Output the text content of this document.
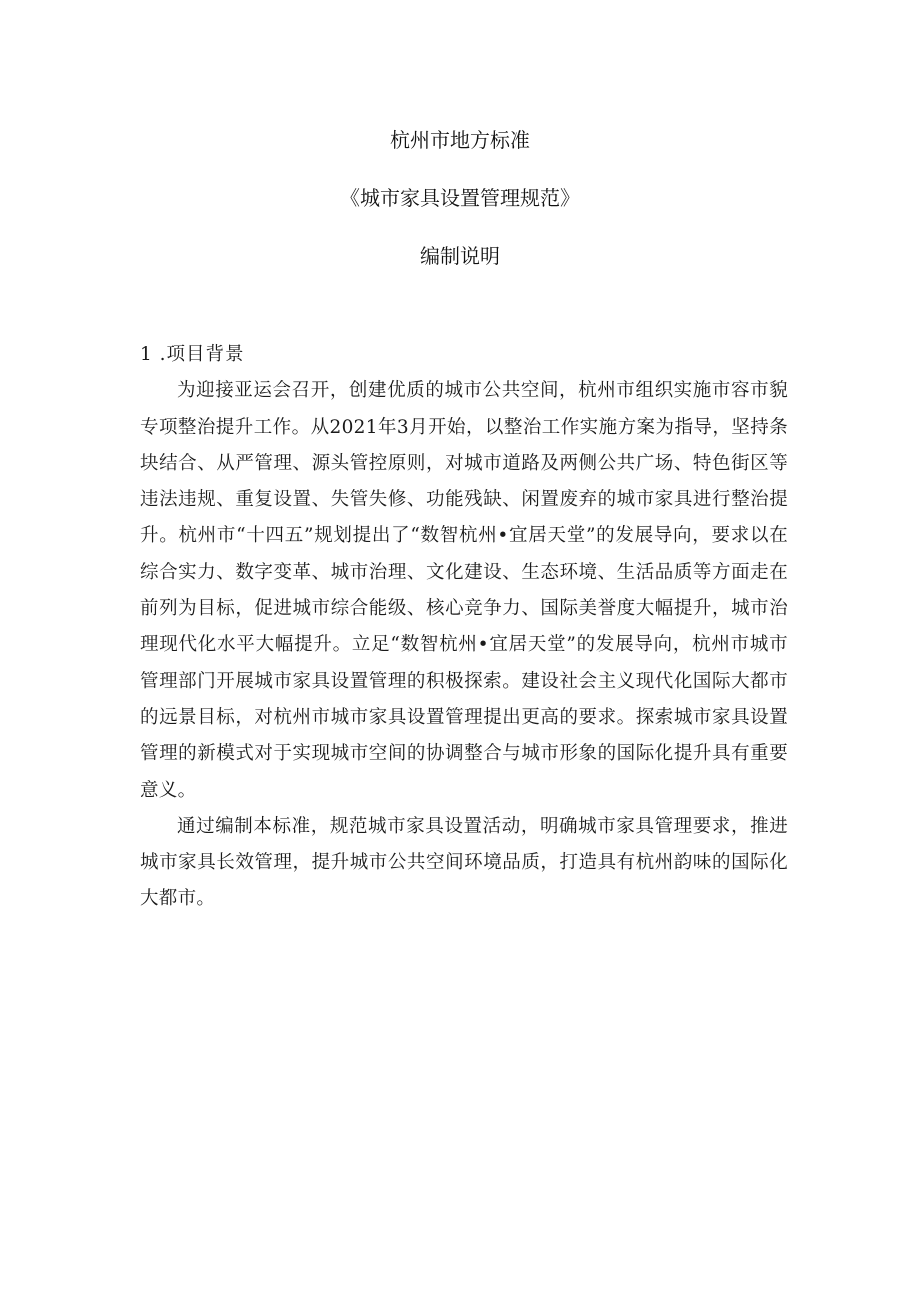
杭州市地方标准
《城市家具设置管理规范》
编制说明
1 .项目背景

为迎接亚运会召开，创建优质的城市公共空间，杭州市组织实施市容市貌专项整治提升工作。从2021年3月开始，以整治工作实施方案为指导，坚持条块结合、从严管理、源头管控原则，对城市道路及两侧公共广场、特色街区等违法违规、重复设置、失管失修、功能残缺、闲置废弃的城市家具进行整治提升。杭州市“十四五”规划提出了“数智杭州•宜居天堂”的发展导向，要求以在综合实力、数字变革、城市治理、文化建设、生态环境、生活品质等方面走在前列为目标，促进城市综合能级、核心竞争力、国际美誉度大幅提升，城市治理现代化水平大幅提升。立足“数智杭州•宜居天堂”的发展导向，杭州市城市管理部门开展城市家具设置管理的积极探索。建设社会主义现代化国际大都市的远景目标，对杭州市城市家具设置管理提出更高的要求。探索城市家具设置管理的新模式对于实现城市空间的协调整合与城市形象的国际化提升具有重要意义。

通过编制本标准，规范城市家具设置活动，明确城市家具管理要求，推进城市家具长效管理，提升城市公共空间环境品质，打造具有杭州韵味的国际化大都市。
